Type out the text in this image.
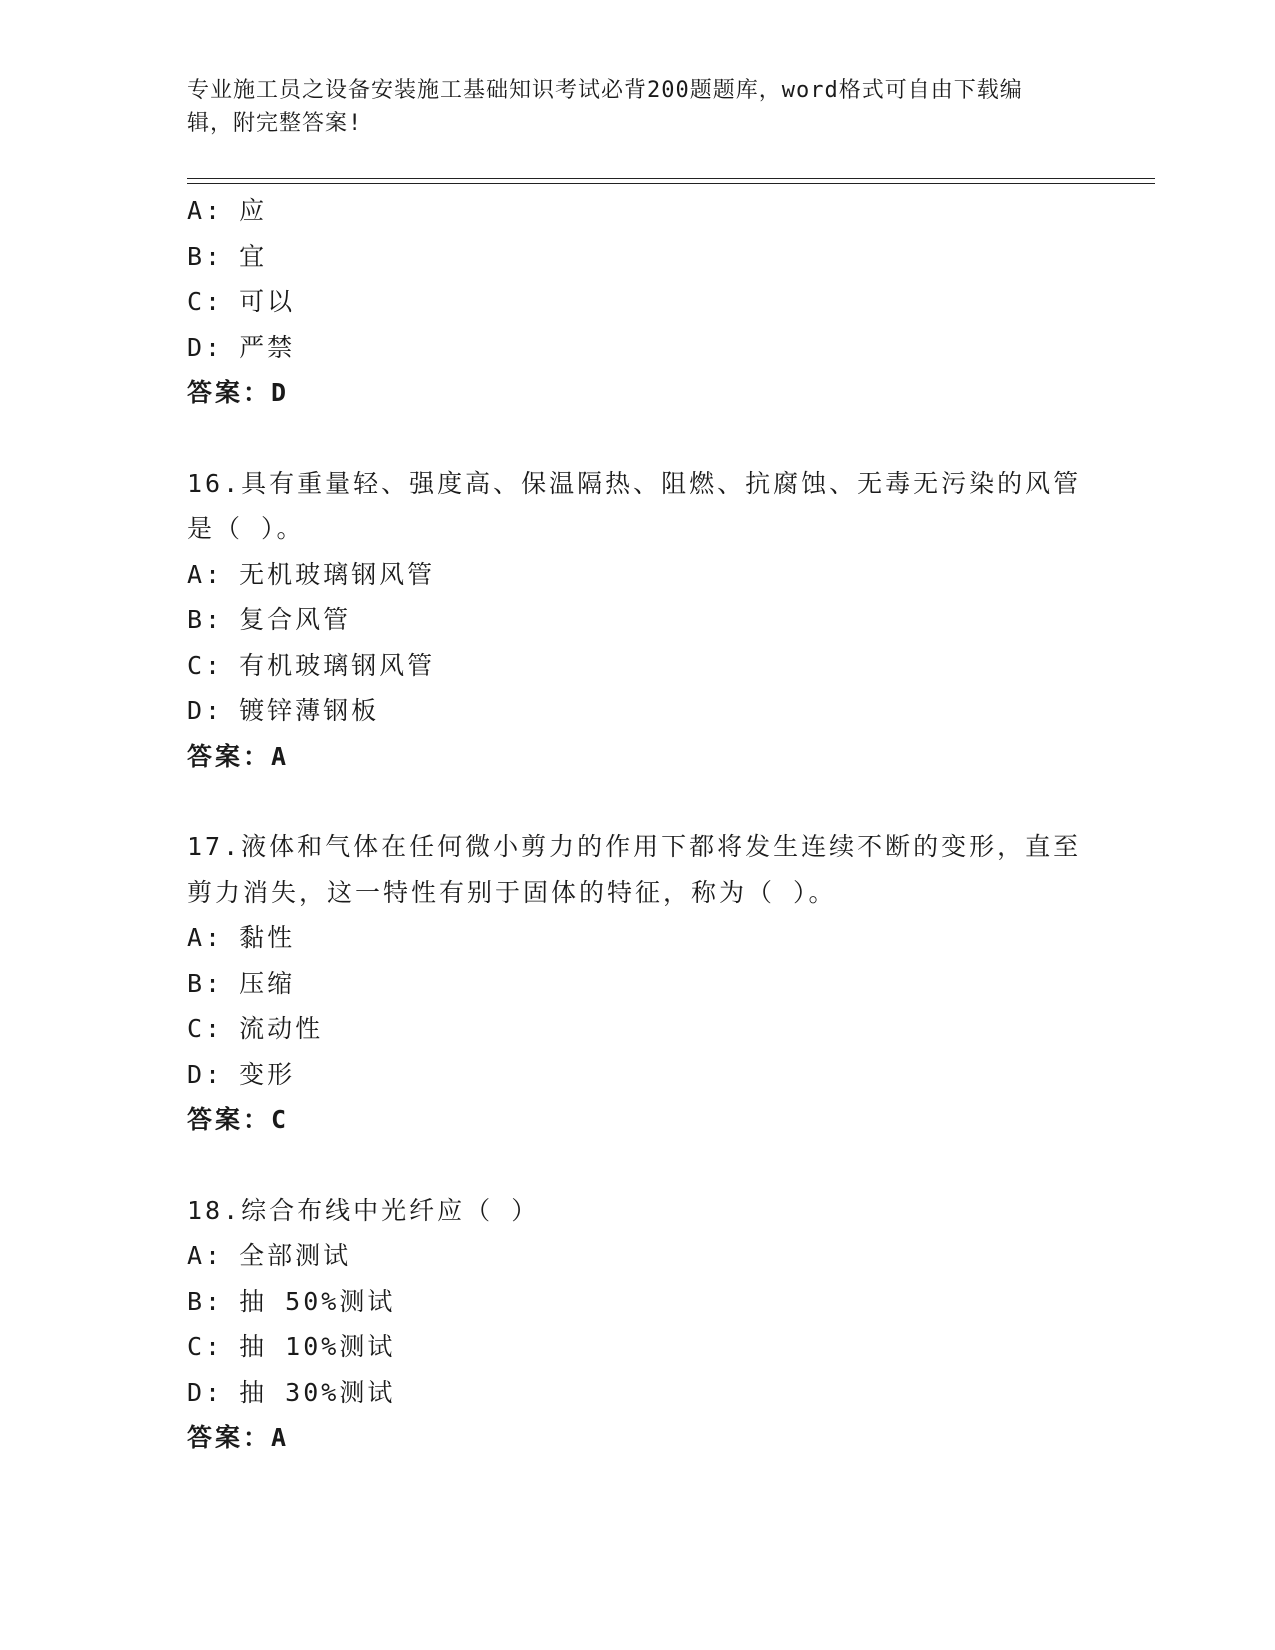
专业施工员之设备安装施工基础知识考试必背200题题库，word格式可自由下载编辑，附完整答案!
A: 应
B: 宜
C: 可以
D: 严禁
答案：D
16.具有重量轻、强度高、保温隔热、阻燃、抗腐蚀、无毒无污染的风管是（ ）。
A: 无机玻璃钢风管
B: 复合风管
C: 有机玻璃钢风管
D: 镀锌薄钢板
答案：A
17.液体和气体在任何微小剪力的作用下都将发生连续不断的变形，直至剪力消失，这一特性有别于固体的特征，称为（ ）。
A: 黏性
B: 压缩
C: 流动性
D: 变形
答案：C
18.综合布线中光纤应（ ）
A: 全部测试
B: 抽 50%测试
C: 抽 10%测试
D: 抽 30%测试
答案：A
